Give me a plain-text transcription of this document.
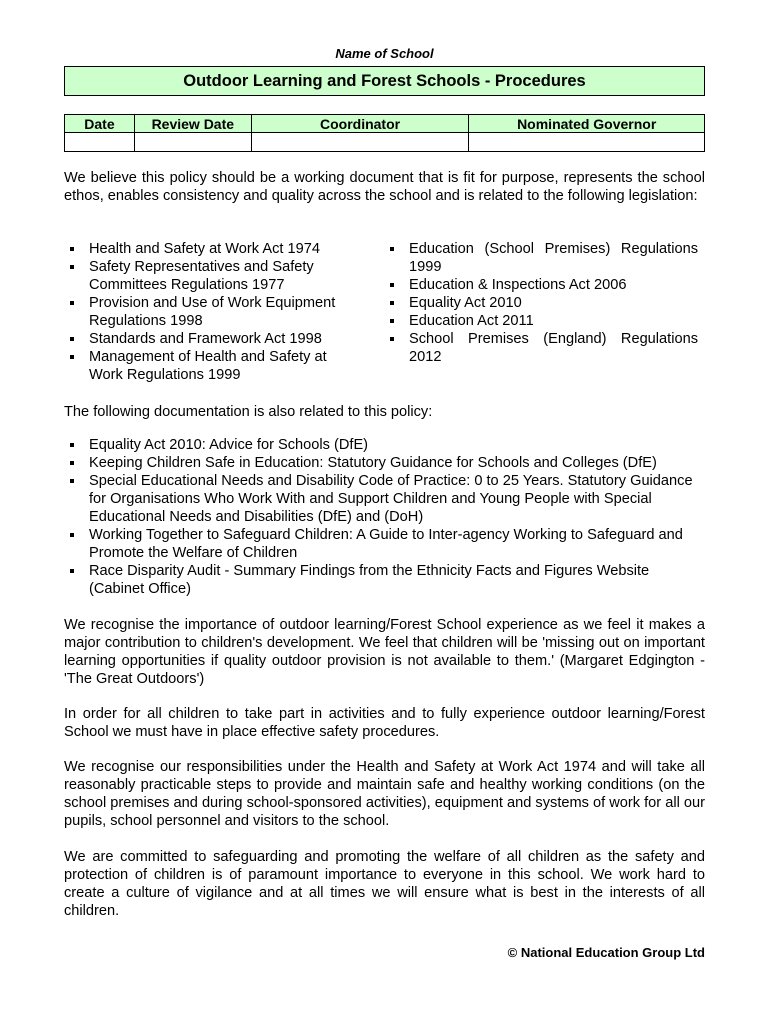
Name of School
Outdoor Learning and Forest Schools - Procedures
Date	Review Date	Coordinator	Nominated Governor

We believe this policy should be a working document that is fit for purpose, represents the school ethos, enables consistency and quality across the school and is related to the following legislation:
Health and Safety at Work Act 1974
Safety Representatives and Safety Committees Regulations 1977
Provision and Use of Work Equipment Regulations 1998
Standards and Framework Act 1998
Management of Health and Safety at Work Regulations 1999
Education (School Premises) Regulations 1999
Education & Inspections Act 2006
Equality Act 2010
Education Act 2011
School Premises (England) Regulations 2012
The following documentation is also related to this policy:
Equality Act 2010: Advice for Schools (DfE)
Keeping Children Safe in Education: Statutory Guidance for Schools and Colleges (DfE)
Special Educational Needs and Disability Code of Practice: 0 to 25 Years. Statutory Guidance for Organisations Who Work With and Support Children and Young People with Special Educational Needs and Disabilities (DfE) and (DoH)
Working Together to Safeguard Children: A Guide to Inter-agency Working to Safeguard and Promote the Welfare of Children
Race Disparity Audit - Summary Findings from the Ethnicity Facts and Figures Website (Cabinet Office)
We recognise the importance of outdoor learning/Forest School experience as we feel it makes a major contribution to children's development. We feel that children will be 'missing out on important learning opportunities if quality outdoor provision is not available to them.' (Margaret Edgington - 'The Great Outdoors')
In order for all children to take part in activities and to fully experience outdoor learning/Forest School we must have in place effective safety procedures.
We recognise our responsibilities under the Health and Safety at Work Act 1974 and will take all reasonably practicable steps to provide and maintain safe and healthy working conditions (on the school premises and during school-sponsored activities), equipment and systems of work for all our pupils, school personnel and visitors to the school.
We are committed to safeguarding and promoting the welfare of all children as the safety and protection of children is of paramount importance to everyone in this school. We work hard to create a culture of vigilance and at all times we will ensure what is best in the interests of all children.
© National Education Group Ltd
